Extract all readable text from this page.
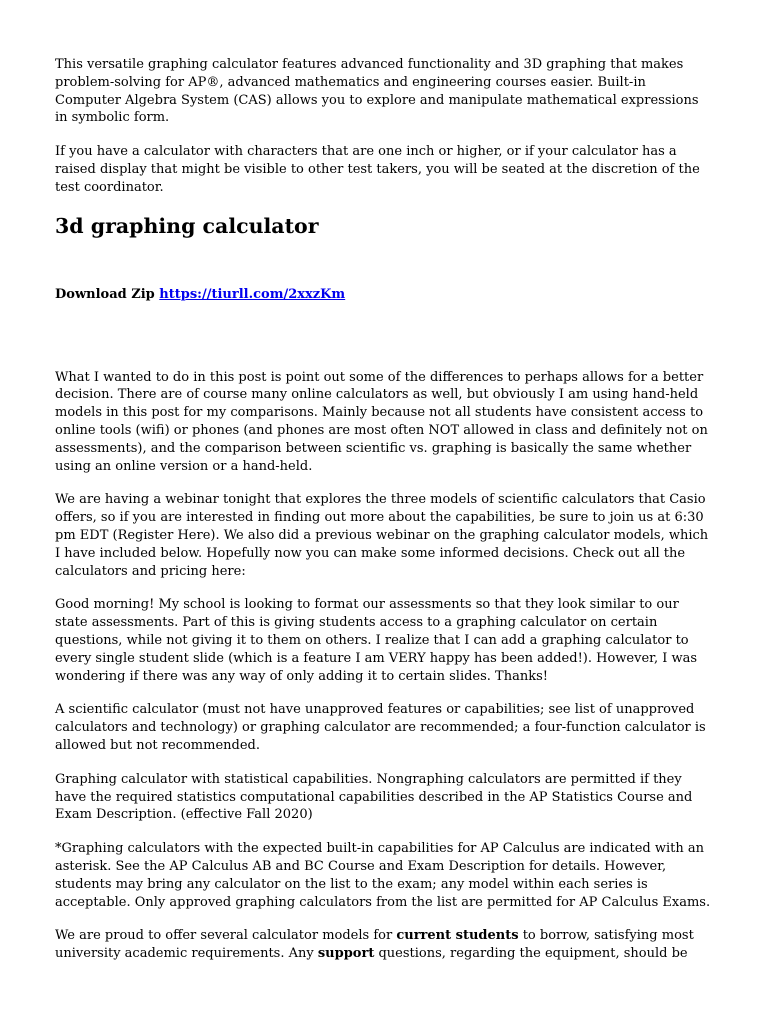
This versatile graphing calculator features advanced functionality and 3D graphing that makes problem-solving for AP®, advanced mathematics and engineering courses easier. Built-in Computer Algebra System (CAS) allows you to explore and manipulate mathematical expressions in symbolic form.

If you have a calculator with characters that are one inch or higher, or if your calculator has a raised display that might be visible to other test takers, you will be seated at the discretion of the test coordinator.

3d graphing calculator
Download Zip https://tiurll.com/2xxzKm

What I wanted to do in this post is point out some of the differences to perhaps allows for a better decision. There are of course many online calculators as well, but obviously I am using hand-held models in this post for my comparisons. Mainly because not all students have consistent access to online tools (wifi) or phones (and phones are most often NOT allowed in class and definitely not on assessments), and the comparison between scientific vs. graphing is basically the same whether using an online version or a hand-held.

We are having a webinar tonight that explores the three models of scientific calculators that Casio offers, so if you are interested in finding out more about the capabilities, be sure to join us at 6:30 pm EDT (Register Here). We also did a previous webinar on the graphing calculator models, which I have included below. Hopefully now you can make some informed decisions. Check out all the calculators and pricing here:

Good morning! My school is looking to format our assessments so that they look similar to our state assessments. Part of this is giving students access to a graphing calculator on certain questions, while not giving it to them on others. I realize that I can add a graphing calculator to every single student slide (which is a feature I am VERY happy has been added!). However, I was wondering if there was any way of only adding it to certain slides. Thanks!

A scientific calculator (must not have unapproved features or capabilities; see list of unapproved calculators and technology) or graphing calculator are recommended; a four-function calculator is allowed but not recommended.

Graphing calculator with statistical capabilities. Nongraphing calculators are permitted if they have the required statistics computational capabilities described in the AP Statistics Course and Exam Description. (effective Fall 2020)

*Graphing calculators with the expected built-in capabilities for AP Calculus are indicated with an asterisk. See the AP Calculus AB and BC Course and Exam Description for details. However, students may bring any calculator on the list to the exam; any model within each series is acceptable. Only approved graphing calculators from the list are permitted for AP Calculus Exams.

We are proud to offer several calculator models for current students to borrow, satisfying most university academic requirements. Any support questions, regarding the equipment, should be
